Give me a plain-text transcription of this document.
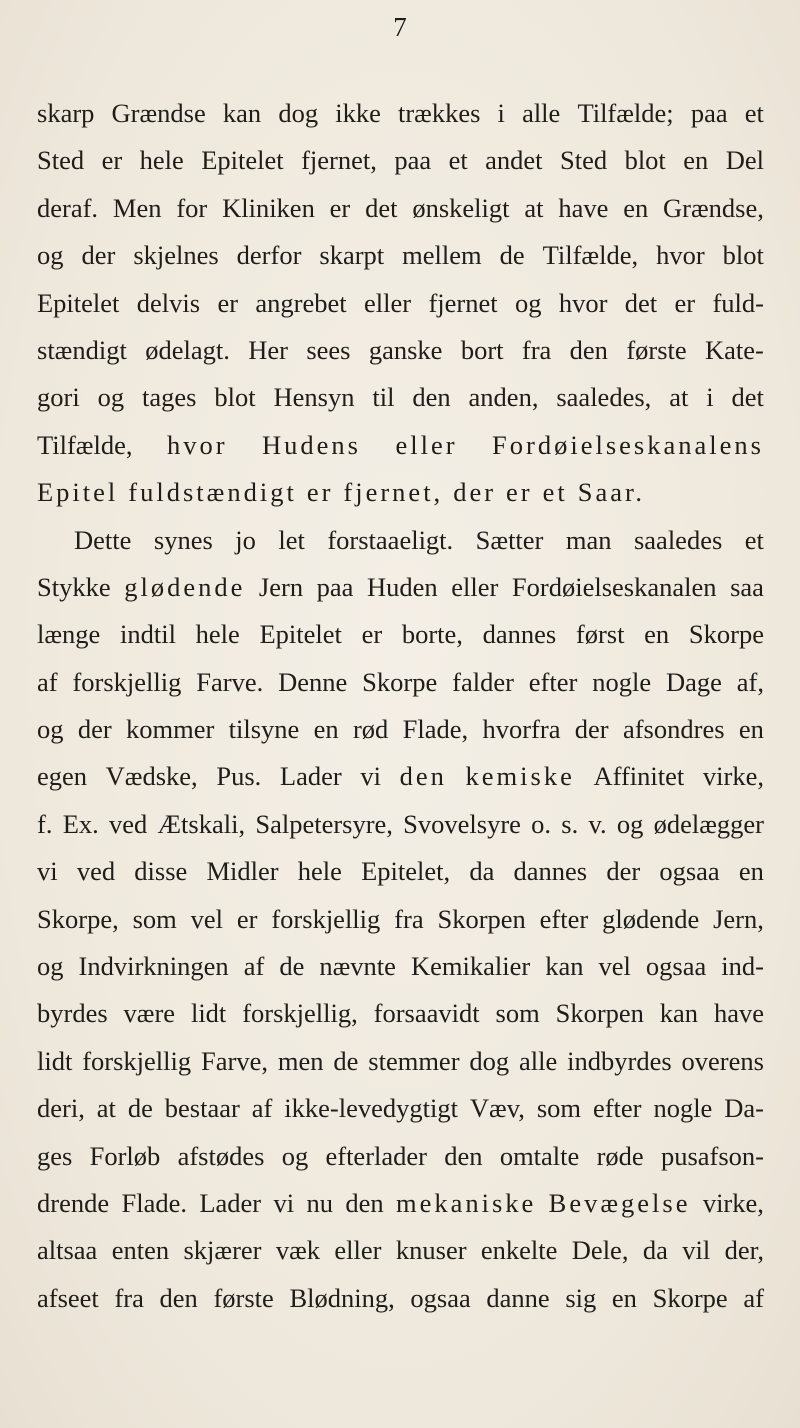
7
skarp Grændse kan dog ikke trækkes i alle Tilfælde; paa et
Sted er hele Epitelet fjernet, paa et andet Sted blot en Del
deraf. Men for Kliniken er det ønskeligt at have en Grændse,
og der skjelnes derfor skarpt mellem de Tilfælde, hvor blot
Epitelet delvis er angrebet eller fjernet og hvor det er fuld-
stændigt ødelagt. Her sees ganske bort fra den første Kate-
gori og tages blot Hensyn til den anden, saaledes, at i det
Tilfælde, hvor Hudens eller Fordøielseskanalens
Epitel fuldstændigt er fjernet, der er et Saar.
Dette synes jo let forstaaeligt. Sætter man saaledes et
Stykke glødende Jern paa Huden eller Fordøielseskanalen saa
længe indtil hele Epitelet er borte, dannes først en Skorpe
af forskjellig Farve. Denne Skorpe falder efter nogle Dage af,
og der kommer tilsyne en rød Flade, hvorfra der afsondres en
egen Vædske, Pus. Lader vi den kemiske Affinitet virke,
f. Ex. ved Ætskali, Salpetersyre, Svovelsyre o. s. v. og ødelægger
vi ved disse Midler hele Epitelet, da dannes der ogsaa en
Skorpe, som vel er forskjellig fra Skorpen efter glødende Jern,
og Indvirkningen af de nævnte Kemikalier kan vel ogsaa ind-
byrdes være lidt forskjellig, forsaavidt som Skorpen kan have
lidt forskjellig Farve, men de stemmer dog alle indbyrdes overens
deri, at de bestaar af ikke-levedygtigt Væv, som efter nogle Da-
ges Forløb afstødes og efterlader den omtalte røde pusafson-
drende Flade. Lader vi nu den mekaniske Bevægelse virke,
altsaa enten skjærer væk eller knuser enkelte Dele, da vil der,
afseet fra den første Blødning, ogsaa danne sig en Skorpe af
